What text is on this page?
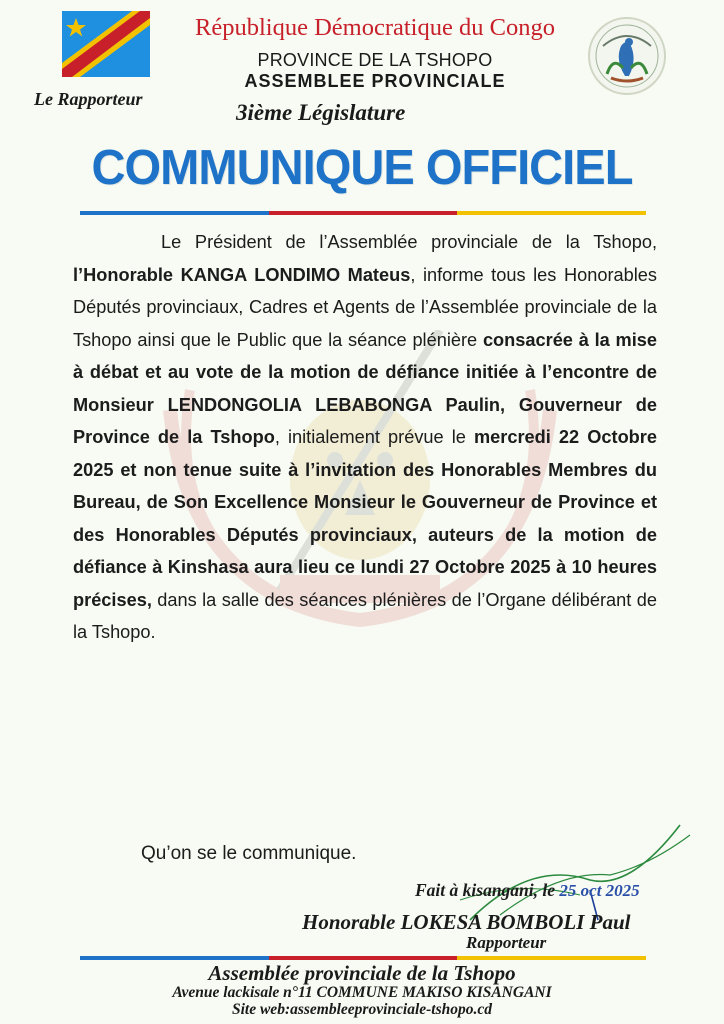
République Démocratique du Congo
PROVINCE DE LA TSHOPO
ASSEMBLEE PROVINCIALE
Le Rapporteur
3ième Législature
COMMUNIQUE OFFICIEL

Le Président de l’Assemblée provinciale de la Tshopo, l’Honorable KANGA LONDIMO Mateus, informe tous les Honorables Députés provinciaux, Cadres et Agents de l’Assemblée provinciale de la Tshopo ainsi que le Public que la séance plénière consacrée à la mise à débat et au vote de la motion de défiance initiée à l’encontre de Monsieur LENDONGOLIA LEBABONGA Paulin, Gouverneur de Province de la Tshopo, initialement prévue le mercredi 22 Octobre 2025 et non tenue suite à l’invitation des Honorables Membres du Bureau, de Son Excellence Monsieur le Gouverneur de Province et des Honorables Députés provinciaux, auteurs de la motion de défiance à Kinshasa aura lieu ce lundi 27 Octobre 2025 à 10 heures précises, dans la salle des séances plénières de l’Organe délibérant de la Tshopo.

Qu’on se le communique.
Fait à kisangani, le 25 oct 2025
Honorable LOKESA BOMBOLI Paul
Rapporteur
Assemblée provinciale de la Tshopo
Avenue lackisale n°11 COMMUNE MAKISO KISANGANI
Site web:assembleeprovinciale-tshopo.cd
